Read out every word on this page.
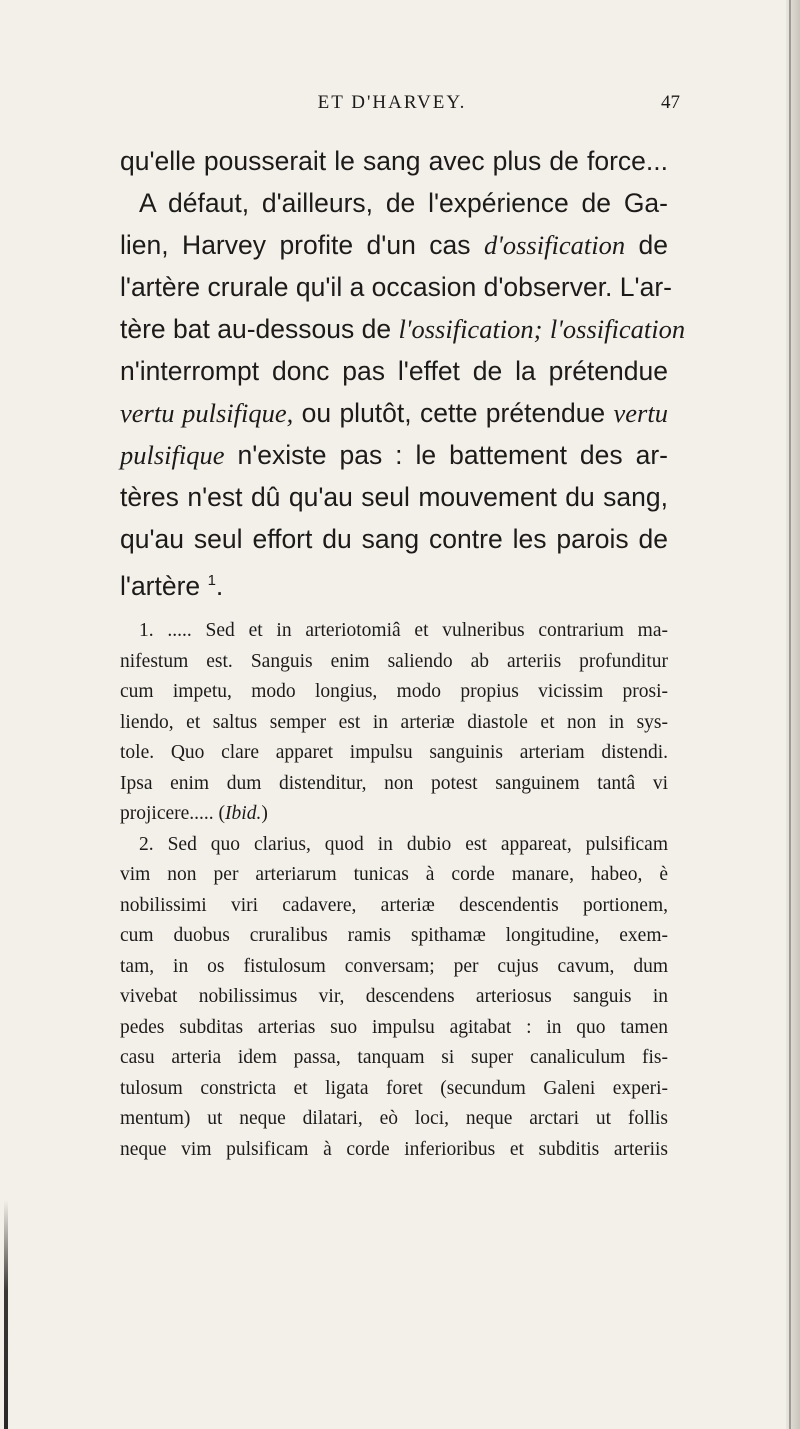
ET D'HARVEY.	47
qu'elle pousserait le sang avec plus de force...
A défaut, d'ailleurs, de l'expérience de Ga-
lien, Harvey profite d'un cas d'ossification de
l'artère crurale qu'il a occasion d'observer. L'ar-
tère bat au-dessous de l'ossification; l'ossification
n'interrompt donc pas l'effet de la prétendue
vertu pulsifique, ou plutôt, cette prétendue vertu
pulsifique n'existe pas : le battement des ar-
tères n'est dû qu'au seul mouvement du sang,
qu'au seul effort du sang contre les parois de
l'artère $^1$.
1. ..... Sed et in arteriotomiâ et vulneribus contrarium ma-
nifestum est. Sanguis enim saliendo ab arteriis profunditur
cum impetu, modo longius, modo propius vicissim prosi-
liendo, et saltus semper est in arteriæ diastole et non in sys-
tole. Quo clare apparet impulsu sanguinis arteriam distendi.
Ipsa enim dum distenditur, non potest sanguinem tantâ vi
projicere..... (Ibid.)
2. Sed quo clarius, quod in dubio est appareat, pulsificam
vim non per arteriarum tunicas à corde manare, habeo, è
nobilissimi viri cadavere, arteriæ descendentis portionem,
cum duobus cruralibus ramis spithamæ longitudine, exem-
tam, in os fistulosum conversam; per cujus cavum, dum
vivebat nobilissimus vir, descendens arteriosus sanguis in
pedes subditas arterias suo impulsu agitabat : in quo tamen
casu arteria idem passa, tanquam si super canaliculum fis-
tulosum constricta et ligata foret (secundum Galeni experi-
mentum) ut neque dilatari, eò loci, neque arctari ut follis
neque vim pulsificam à corde inferioribus et subditis arteriis
